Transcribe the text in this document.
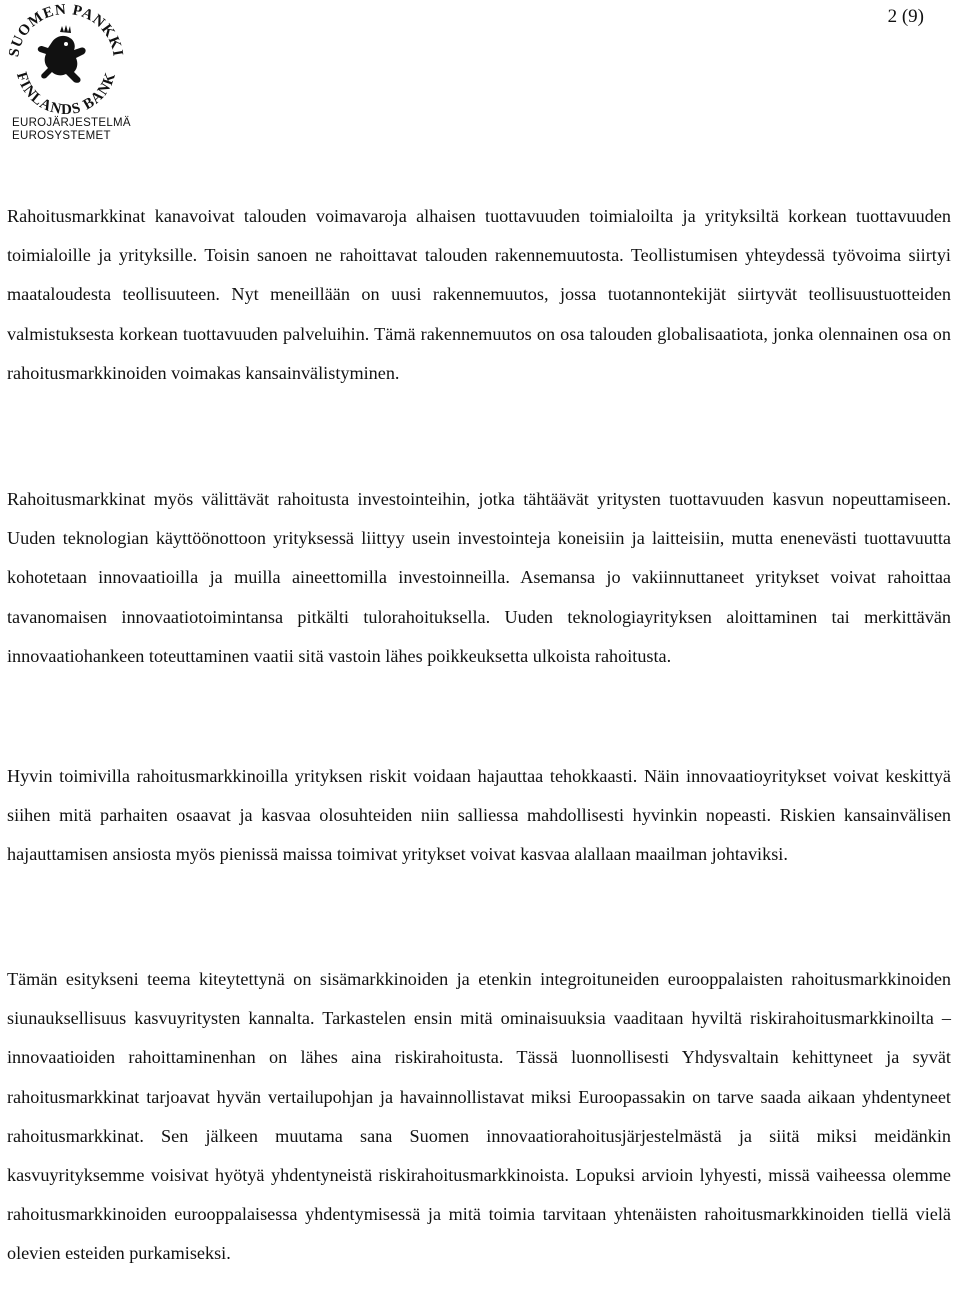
SUOMEN PANKKI
FINLANDS BANK
EUROJÄRJESTELMÄ
EUROSYSTEMET
2 (9)

Rahoitusmarkkinat kanavoivat talouden voimavaroja alhaisen tuottavuuden toimialoilta ja yrityksiltä korkean tuottavuuden toimialoille ja yrityksille. Toisin sanoen ne rahoittavat talouden rakennemuutosta. Teollistumisen yhteydessä työvoima siirtyi maataloudesta teollisuuteen. Nyt meneillään on uusi rakennemuutos, jossa tuotannontekijät siirtyvät teollisuustuotteiden valmistuksesta korkean tuottavuuden palveluihin. Tämä rakennemuutos on osa talouden globalisaatiota, jonka olennainen osa on rahoitusmarkkinoiden voimakas kansainvälistyminen.

Rahoitusmarkkinat myös välittävät rahoitusta investointeihin, jotka tähtäävät yritysten tuottavuuden kasvun nopeuttamiseen. Uuden teknologian käyttöönottoon yrityksessä liittyy usein investointeja koneisiin ja laitteisiin, mutta enenevästi tuottavuutta kohotetaan innovaatioilla ja muilla aineettomilla investoinneilla. Asemansa jo vakiinnuttaneet yritykset voivat rahoittaa tavanomaisen innovaatiotoimintansa pitkälti tulorahoituksella. Uuden teknologiayrityksen aloittaminen tai merkittävän innovaatiohankeen toteuttaminen vaatii sitä vastoin lähes poikkeuksetta ulkoista rahoitusta.

Hyvin toimivilla rahoitusmarkkinoilla yrityksen riskit voidaan hajauttaa tehokkaasti. Näin innovaatioyritykset voivat keskittyä siihen mitä parhaiten osaavat ja kasvaa olosuhteiden niin salliessa mahdollisesti hyvinkin nopeasti. Riskien kansainvälisen hajauttamisen ansiosta myös pienissä maissa toimivat yritykset voivat kasvaa alallaan maailman johtaviksi.

Tämän esitykseni teema kiteytettynä on sisämarkkinoiden ja etenkin integroituneiden eurooppalaisten rahoitusmarkkinoiden siunauksellisuus kasvuyritysten kannalta. Tarkastelen ensin mitä ominaisuuksia vaaditaan hyviltä riskirahoitusmarkkinoilta – innovaatioiden rahoittaminenhan on lähes aina riskirahoitusta. Tässä luonnollisesti Yhdysvaltain kehittyneet ja syvät rahoitusmarkkinat tarjoavat hyvän vertailupohjan ja havainnollistavat miksi Euroopassakin on tarve saada aikaan yhdentyneet rahoitusmarkkinat. Sen jälkeen muutama sana Suomen innovaatiorahoitusjärjestelmästä ja siitä miksi meidänkin kasvuyrityksemme voisivat hyötyä yhdentyneistä riskirahoitusmarkkinoista. Lopuksi arvioin lyhyesti, missä vaiheessa olemme rahoitusmarkkinoiden eurooppalaisessa yhdentymisessä ja mitä toimia tarvitaan yhtenäisten rahoitusmarkkinoiden tiellä vielä olevien esteiden purkamiseksi.
